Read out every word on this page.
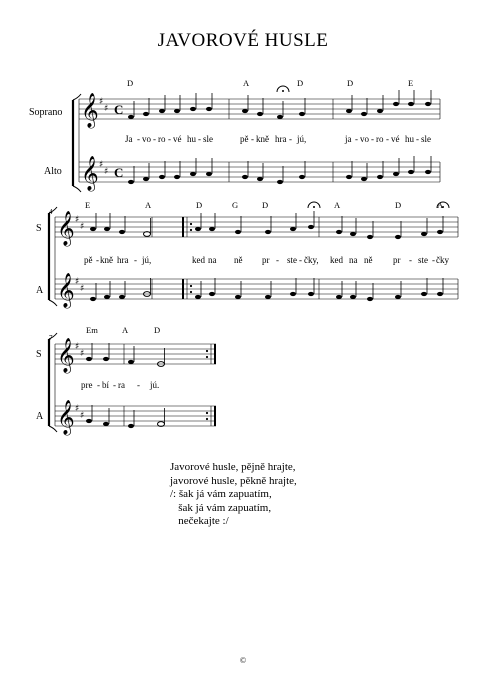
JAVOROVÉ HUSLE
𝄞
𝄞
𝄞
𝄞
𝄞
𝄞
♯
♯
♯
♯
♯
♯
♯
♯
♯
♯
♯
♯
C
C
Soprano
Alto
S
A
S
A
4
7
D	A	D	D	E
E	A	D	G	D	A	D	A
Em	A	D
Ja - vo - ro - vé hu - sle	pě - kně hra - jú,	ja - vo - ro - vé hu - sle
pě - kně hra - jú,	ked na ně pr - ste - čky, ked na ně pr - ste - čky
pre - bí - ra - jú.
Javorové husle, pějně hrajte,
javorové husle, pěkně hrajte,
/: šak já vám zapuatím,
šak já vám zapuatím,
nečekajte :/
©
